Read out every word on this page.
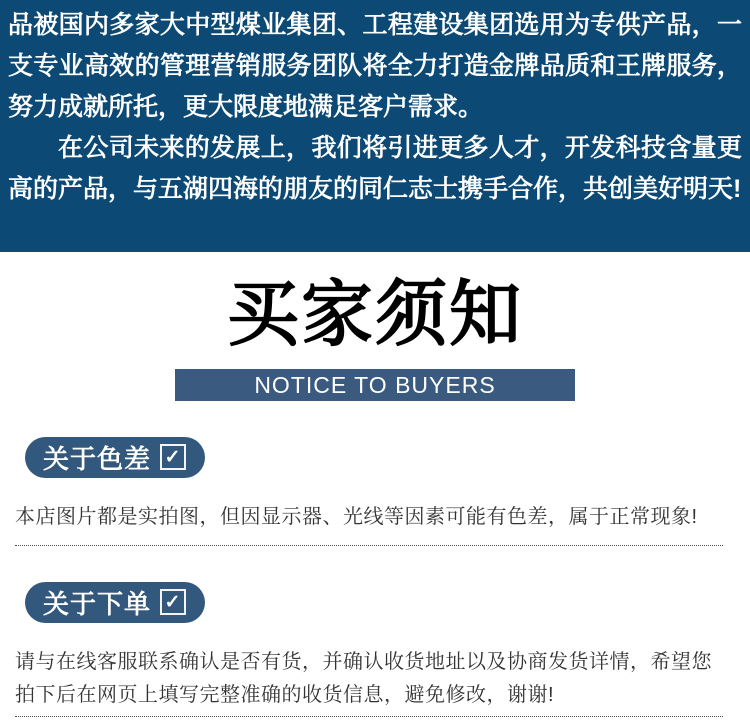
品被国内多家大中型煤业集团、工程建设集团选用为专供产品，一支专业高效的管理营销服务团队将全力打造金牌品质和王牌服务，努力成就所托，更大限度地满足客户需求。

在公司未来的发展上，我们将引进更多人才，开发科技含量更高的产品，与五湖四海的朋友的同仁志士携手合作，共创美好明天!

买家须知
NOTICE TO BUYERS
关于色差 ✓

本店图片都是实拍图，但因显示器、光线等因素可能有色差，属于正常现象!

关于下单 ✓

请与在线客服联系确认是否有货，并确认收货地址以及协商发货详情，希望您拍下后在网页上填写完整准确的收货信息，避免修改，谢谢!
